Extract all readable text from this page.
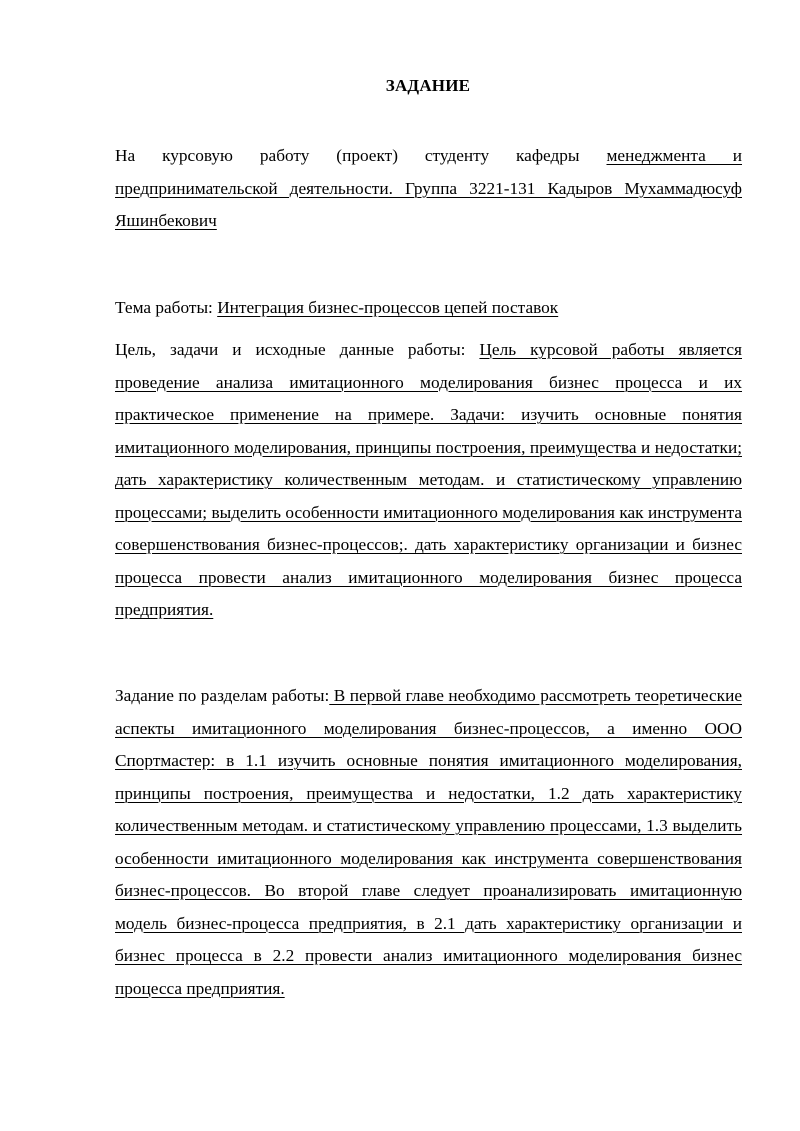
ЗАДАНИЕ

На курсовую работу (проект) студенту кафедры менеджмента и предпринимательской деятельности. Группа 3221-131 Кадыров Мухаммадюсуф Яшинбекович

Тема работы: Интеграция бизнес-процессов цепей поставок

Цель, задачи и исходные данные работы: Цель курсовой работы является проведение анализа имитационного моделирования бизнес процесса и их практическое применение на примере. Задачи: изучить основные понятия имитационного моделирования, принципы построения, преимущества и недостатки; дать характеристику количественным методам. и статистическому управлению процессами; выделить особенности имитационного моделирования как инструмента совершенствования бизнес-процессов;. дать характеристику организации и бизнес процесса провести анализ имитационного моделирования бизнес процесса предприятия.

Задание по разделам работы: В первой главе необходимо рассмотреть теоретические аспекты имитационного моделирования бизнес-процессов, а именно ООО Спортмастер: в 1.1 изучить основные понятия имитационного моделирования, принципы построения, преимущества и недостатки, 1.2 дать характеристику количественным методам. и статистическому управлению процессами, 1.3 выделить особенности имитационного моделирования как инструмента совершенствования бизнес-процессов. Во второй главе следует проанализировать имитационную модель бизнес-процесса предприятия, в 2.1 дать характеристику организации и бизнес процесса в 2.2 провести анализ имитационного моделирования бизнес процесса предприятия.
